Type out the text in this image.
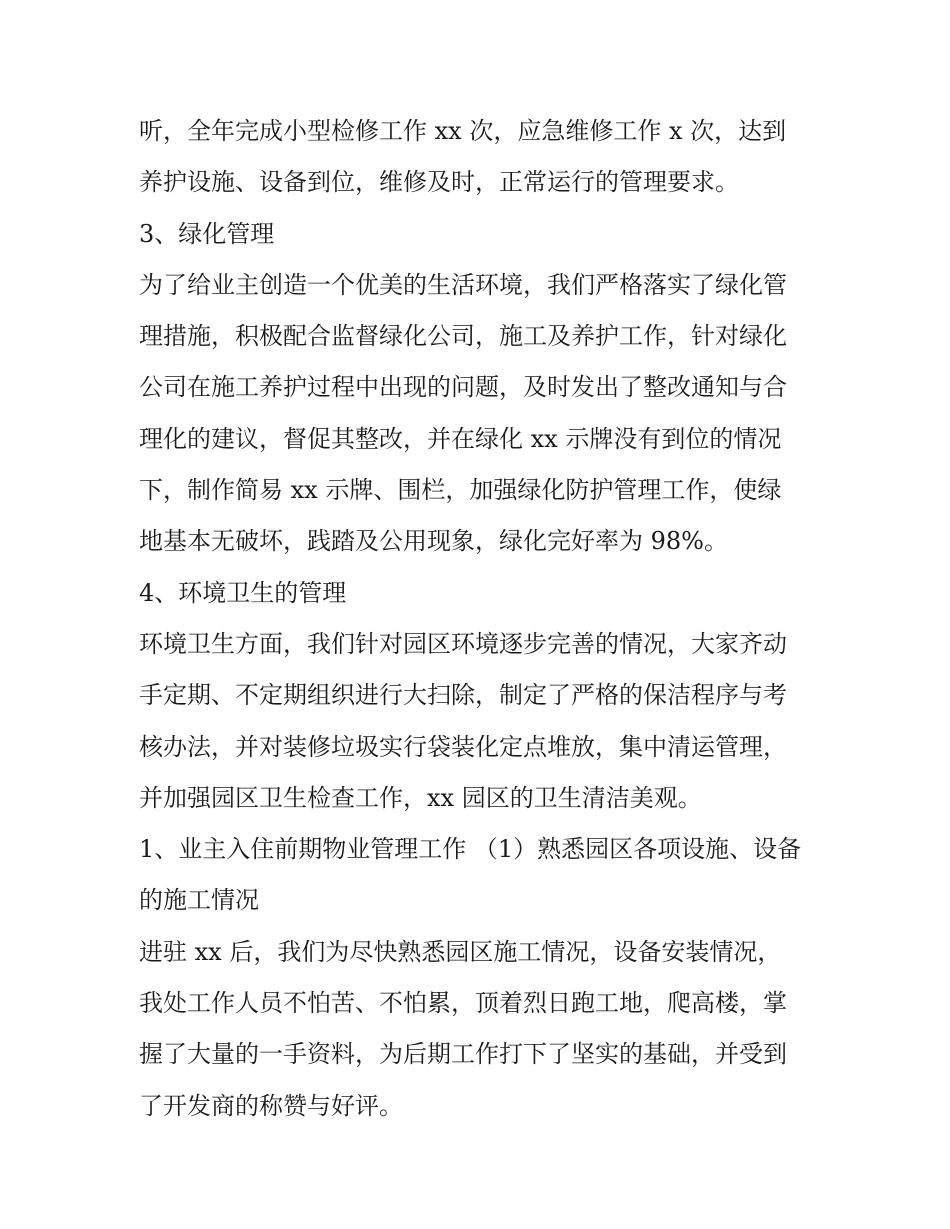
听，全年完成小型检修工作 xx 次，应急维修工作 x 次，达到
养护设施、设备到位，维修及时，正常运行的管理要求。
3、绿化管理
为了给业主创造一个优美的生活环境，我们严格落实了绿化管
理措施，积极配合监督绿化公司，施工及养护工作，针对绿化
公司在施工养护过程中出现的问题，及时发出了整改通知与合
理化的建议，督促其整改，并在绿化 xx 示牌没有到位的情况
下，制作简易 xx 示牌、围栏，加强绿化防护管理工作，使绿
地基本无破坏，践踏及公用现象，绿化完好率为 98%。
4、环境卫生的管理
环境卫生方面，我们针对园区环境逐步完善的情况，大家齐动
手定期、不定期组织进行大扫除，制定了严格的保洁程序与考
核办法，并对装修垃圾实行袋装化定点堆放，集中清运管理，
并加强园区卫生检查工作，xx 园区的卫生清洁美观。
1、业主入住前期物业管理工作 （1）熟悉园区各项设施、设备
的施工情况
进驻 xx 后，我们为尽快熟悉园区施工情况，设备安装情况，
我处工作人员不怕苦、不怕累，顶着烈日跑工地，爬高楼，掌
握了大量的一手资料，为后期工作打下了坚实的基础，并受到
了开发商的称赞与好评。
